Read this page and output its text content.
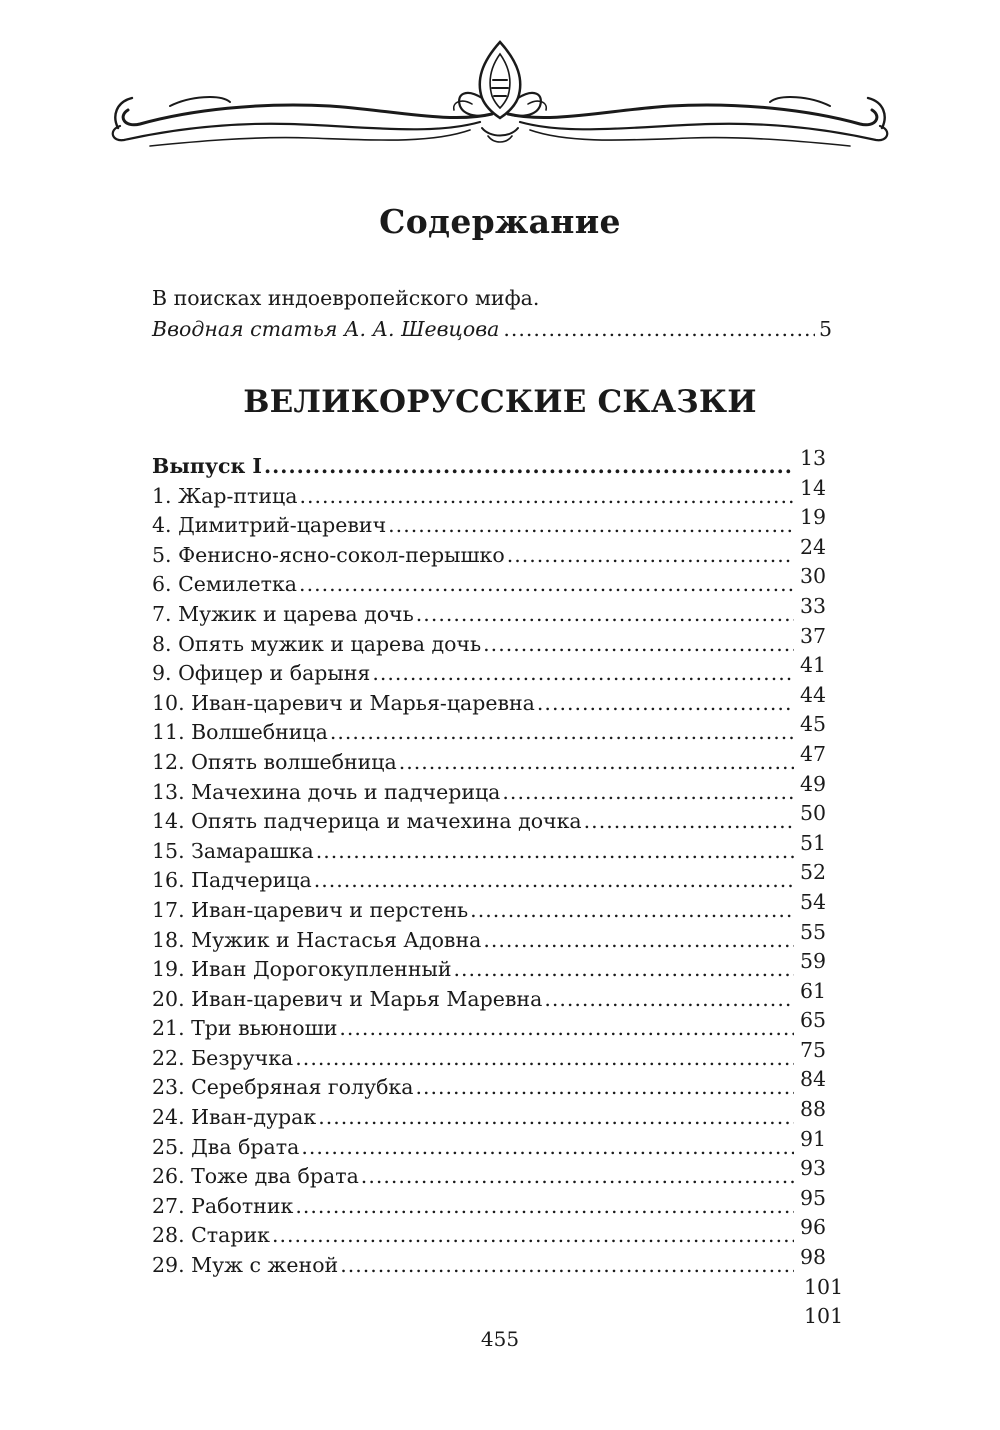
Содержание
В поисках индоевропейского мифа.
Вводная статья А. А. Шевцова .....	5
ВЕЛИКОРУССКИЕ СКАЗКИ
Выпуск I .....	13
1. Жар-птица .....	14
4. Димитрий-царевич .....	19
5. Фенисно-ясно-сокол-перышко .....	24
6. Семилетка .....	30
7. Мужик и царева дочь .....	33
8. Опять мужик и царева дочь .....	37
9. Офицер и барыня .....	41
10. Иван-царевич и Марья-царевна .....	44
11. Волшебница .....	45
12. Опять волшебница .....	47
13. Мачехина дочь и падчерица .....	49
14. Опять падчерица и мачехина дочка .....	50
15. Замарашка .....	51
16. Падчерица .....	52
17. Иван-царевич и перстень .....	54
18. Мужик и Настасья Адовна .....	55
19. Иван Дорогокупленный .....	59
20. Иван-царевич и Марья Маревна .....	61
21. Три вьюноши .....	65
22. Безручка .....	75
23. Серебряная голубка .....	84
24. Иван-дурак .....	88
25. Два брата .....	91
26. Тоже два брата .....	93
27. Работник .....	95
28. Старик .....	96
29. Муж с женой .....	98
101
101
455
